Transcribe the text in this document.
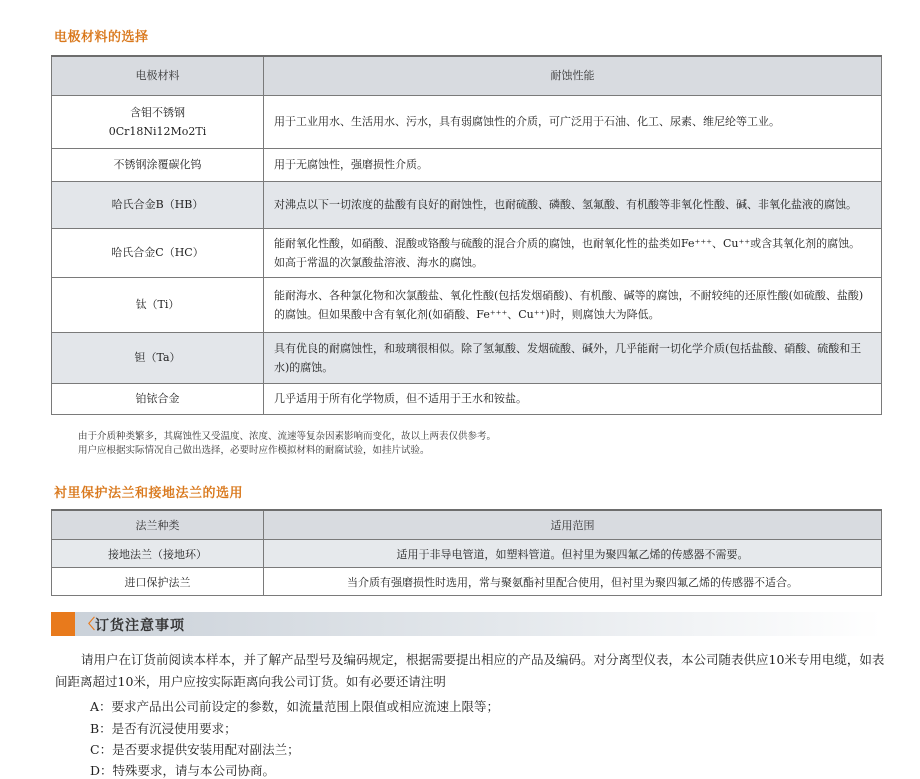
电极材料的选择
电极材料	耐蚀性能
含钼不锈钢
0Cr18Ni12Mo2Ti	用于工业用水、生活用水、污水，具有弱腐蚀性的介质，可广泛用于石油、化工、尿素、维尼纶等工业。
不锈钢涂覆碳化钨	用于无腐蚀性，强磨损性介质。
哈氏合金B（HB）	对沸点以下一切浓度的盐酸有良好的耐蚀性，也耐硫酸、磷酸、氢氟酸、有机酸等非氧化性酸、碱、非氧化盐液的腐蚀。
哈氏合金C（HC）	能耐氧化性酸，如硝酸、混酸或铬酸与硫酸的混合介质的腐蚀，也耐氧化性的盐类如Fe⁺⁺⁺、Cu⁺⁺或含其氧化剂的腐蚀。如高于常温的次氯酸盐溶液、海水的腐蚀。
钛（Ti）	能耐海水、各种氯化物和次氯酸盐、氧化性酸(包括发烟硝酸)、有机酸、碱等的腐蚀，不耐较纯的还原性酸(如硫酸、盐酸)的腐蚀。但如果酸中含有氧化剂(如硝酸、Fe⁺⁺⁺、Cu⁺⁺)时，则腐蚀大为降低。
钽（Ta）	具有优良的耐腐蚀性，和玻璃很相似。除了氢氟酸、发烟硫酸、碱外，几乎能耐一切化学介质(包括盐酸、硝酸、硫酸和王水)的腐蚀。
铂铱合金	几乎适用于所有化学物质，但不适用于王水和铵盐。
由于介质种类繁多，其腐蚀性又受温度、浓度、流速等复杂因素影响而变化，故以上两表仅供参考。
用户应根据实际情况自己做出选择，必要时应作模拟材料的耐腐试验，如挂片试验。
衬里保护法兰和接地法兰的选用
法兰种类	适用范围
接地法兰（接地环）	适用于非导电管道，如塑料管道。但衬里为聚四氟乙烯的传感器不需要。
进口保护法兰	当介质有强磨损性时选用，常与聚氨酯衬里配合使用，但衬里为聚四氟乙烯的传感器不适合。
〈 订货注意事项
请用户在订货前阅读本样本，并了解产品型号及编码规定，根据需要提出相应的产品及编码。对分离型仪表，本公司随表供应10米专用电缆，如表间距离超过10米，用户应按实际距离向我公司订货。如有必要还请注明
A：要求产品出公司前设定的参数，如流量范围上限值或相应流速上限等；
B：是否有沉浸使用要求；
C：是否要求提供安装用配对副法兰；
D：特殊要求，请与本公司协商。
